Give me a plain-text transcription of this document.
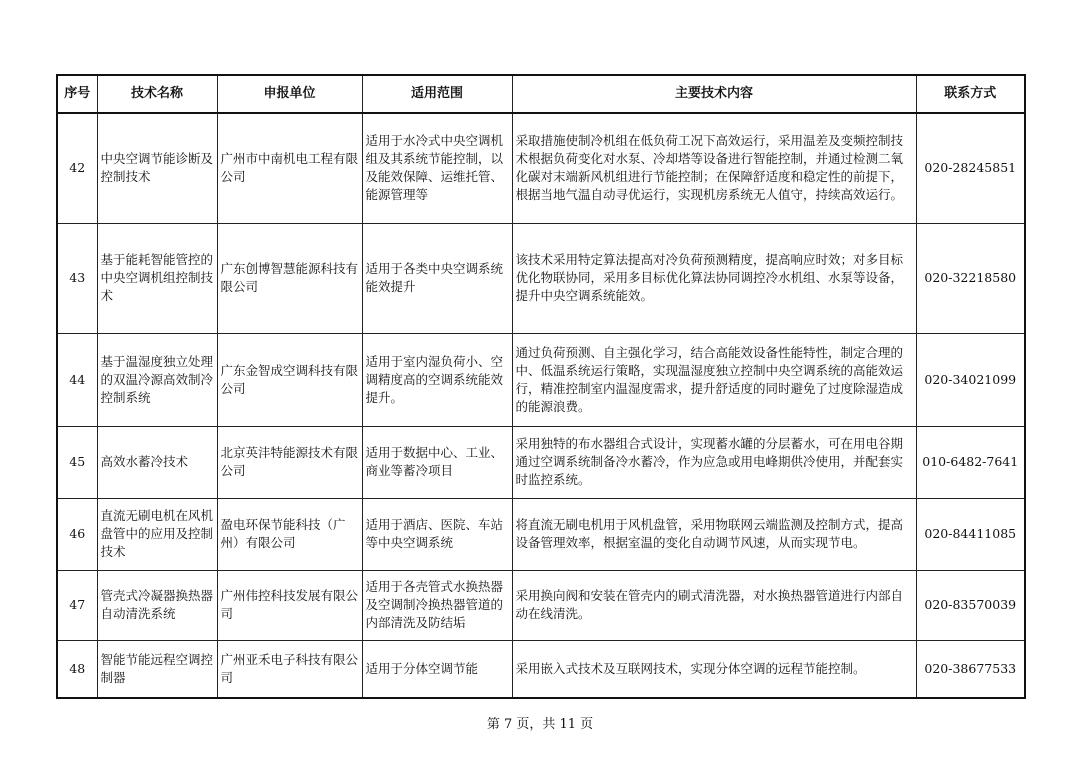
序号	技术名称	申报单位	适用范围	主要技术内容	联系方式
42	中央空调节能诊断及控制技术	广州市中南机电工程有限公司	适用于水冷式中央空调机组及其系统节能控制，以及能效保障、运维托管、能源管理等	采取措施使制冷机组在低负荷工况下高效运行，采用温差及变频控制技术根据负荷变化对水泵、冷却塔等设备进行智能控制，并通过检测二氧化碳对末端新风机组进行节能控制；在保障舒适度和稳定性的前提下，根据当地气温自动寻优运行，实现机房系统无人值守，持续高效运行。	020-28245851
43	基于能耗智能管控的中央空调机组控制技术	广东创博智慧能源科技有限公司	适用于各类中央空调系统能效提升	该技术采用特定算法提高对冷负荷预测精度，提高响应时效；对多目标优化物联协同，采用多目标优化算法协同调控冷水机组、水泵等设备，提升中央空调系统能效。	020-32218580
44	基于温湿度独立处理的双温冷源高效制冷控制系统	广东金智成空调科技有限公司	适用于室内湿负荷小、空调精度高的空调系统能效提升。	通过负荷预测、自主强化学习，结合高能效设备性能特性，制定合理的中、低温系统运行策略，实现温湿度独立控制中央空调系统的高能效运行，精准控制室内温湿度需求，提升舒适度的同时避免了过度除湿造成的能源浪费。	020-34021099
45	高效水蓄冷技术	北京英沣特能源技术有限公司	适用于数据中心、工业、商业等蓄冷项目	采用独特的布水器组合式设计，实现蓄水罐的分层蓄水，可在用电谷期通过空调系统制备冷水蓄冷，作为应急或用电峰期供冷使用，并配套实时监控系统。	010-6482-7641
46	直流无刷电机在风机盘管中的应用及控制技术	盈电环保节能科技（广州）有限公司	适用于酒店、医院、车站等中央空调系统	将直流无刷电机用于风机盘管，采用物联网云端监测及控制方式，提高设备管理效率，根据室温的变化自动调节风速，从而实现节电。	020-84411085
47	管壳式冷凝器换热器自动清洗系统	广州伟控科技发展有限公司	适用于各壳管式水换热器及空调制冷换热器管道的内部清洗及防结垢	采用换向阀和安装在管壳内的刷式清洗器，对水换热器管道进行内部自动在线清洗。	020-83570039
48	智能节能远程空调控制器	广州亚禾电子科技有限公司	适用于分体空调节能	采用嵌入式技术及互联网技术，实现分体空调的远程节能控制。	020-38677533
第 7 页，共 11 页
